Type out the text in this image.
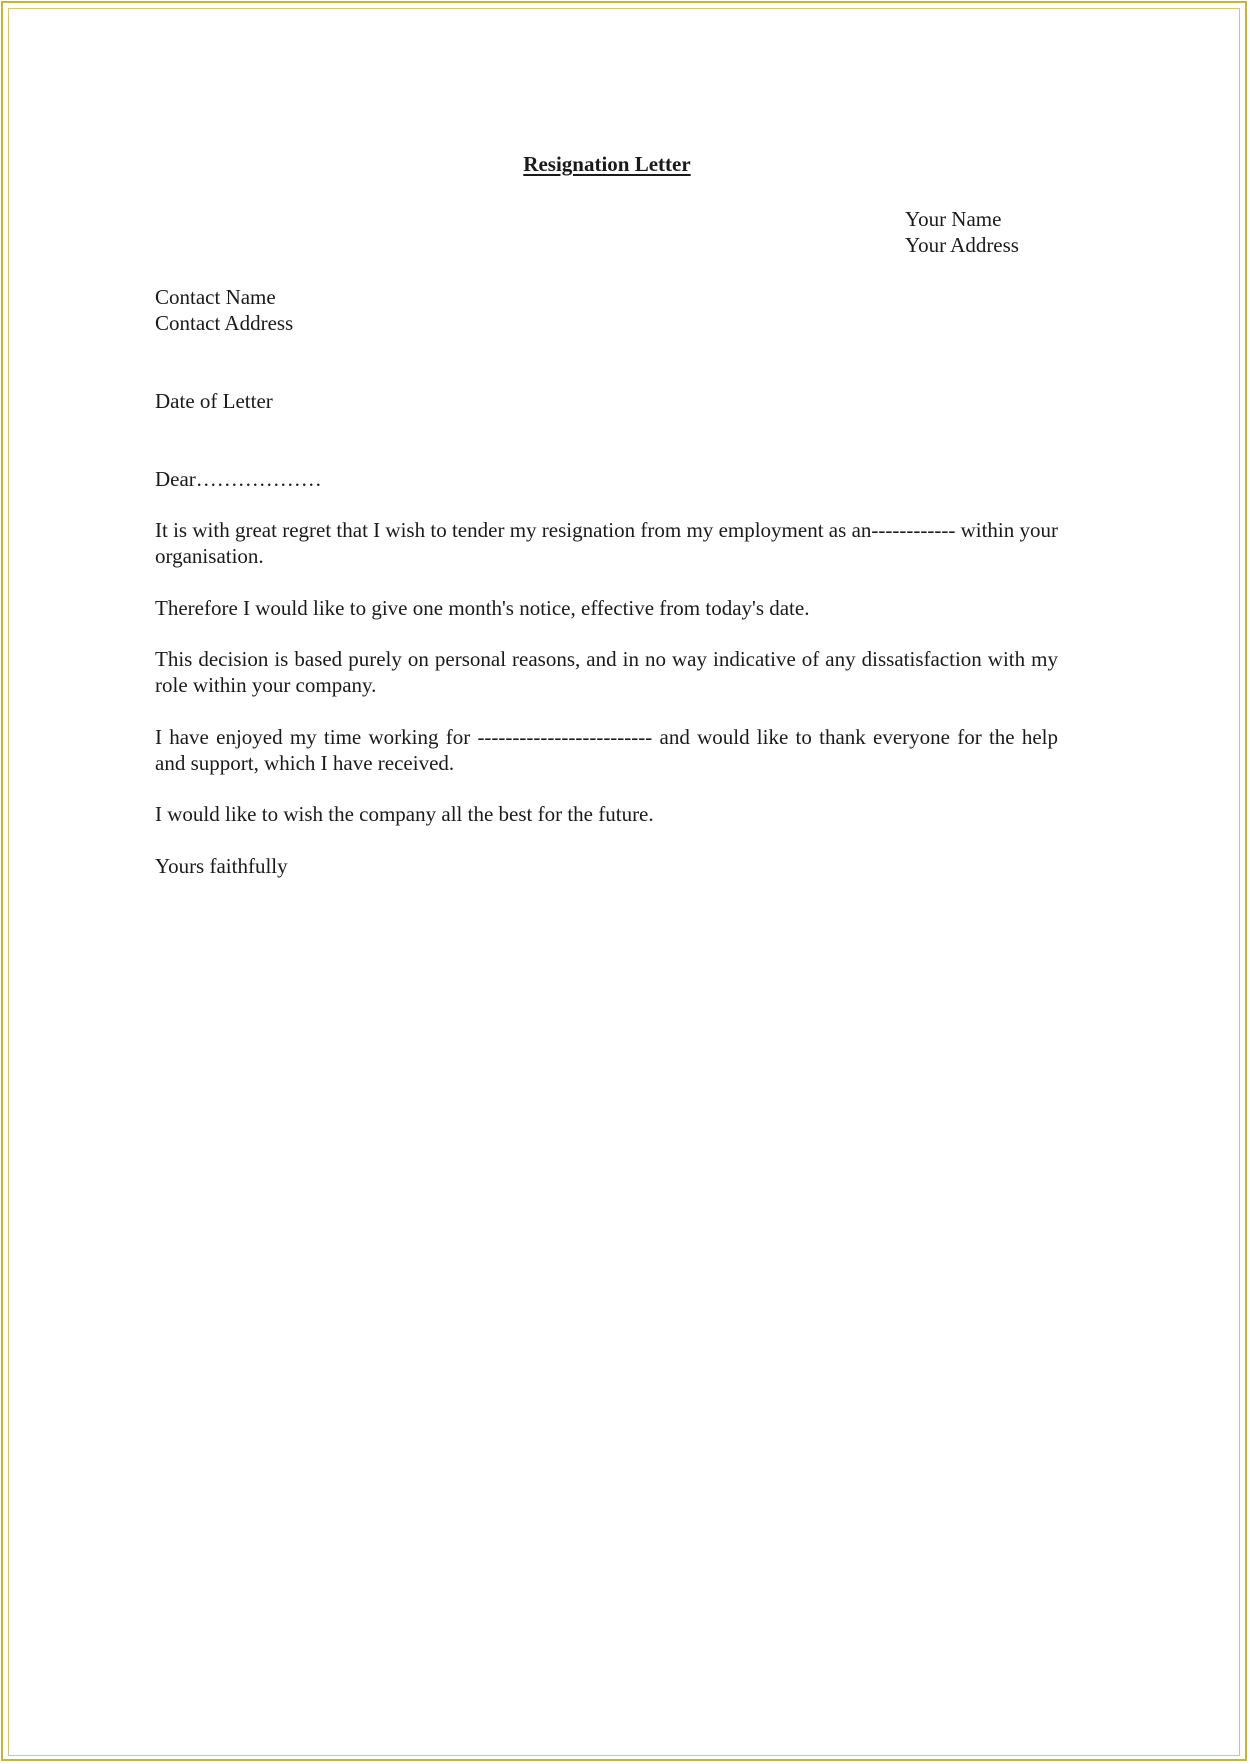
Resignation Letter
Your Name
Your Address
Contact Name
Contact Address
Date of Letter
Dear………………
It is with great regret that I wish to tender my resignation from my employment as an------------ within your organisation.
Therefore I would like to give one month's notice, effective from today's date.
This decision is based purely on personal reasons, and in no way indicative of any dissatisfaction with my role within your company.
I have enjoyed my time working for ------------------------- and would like to thank everyone for the help and support, which I have received.
I would like to wish the company all the best for the future.
Yours faithfully
